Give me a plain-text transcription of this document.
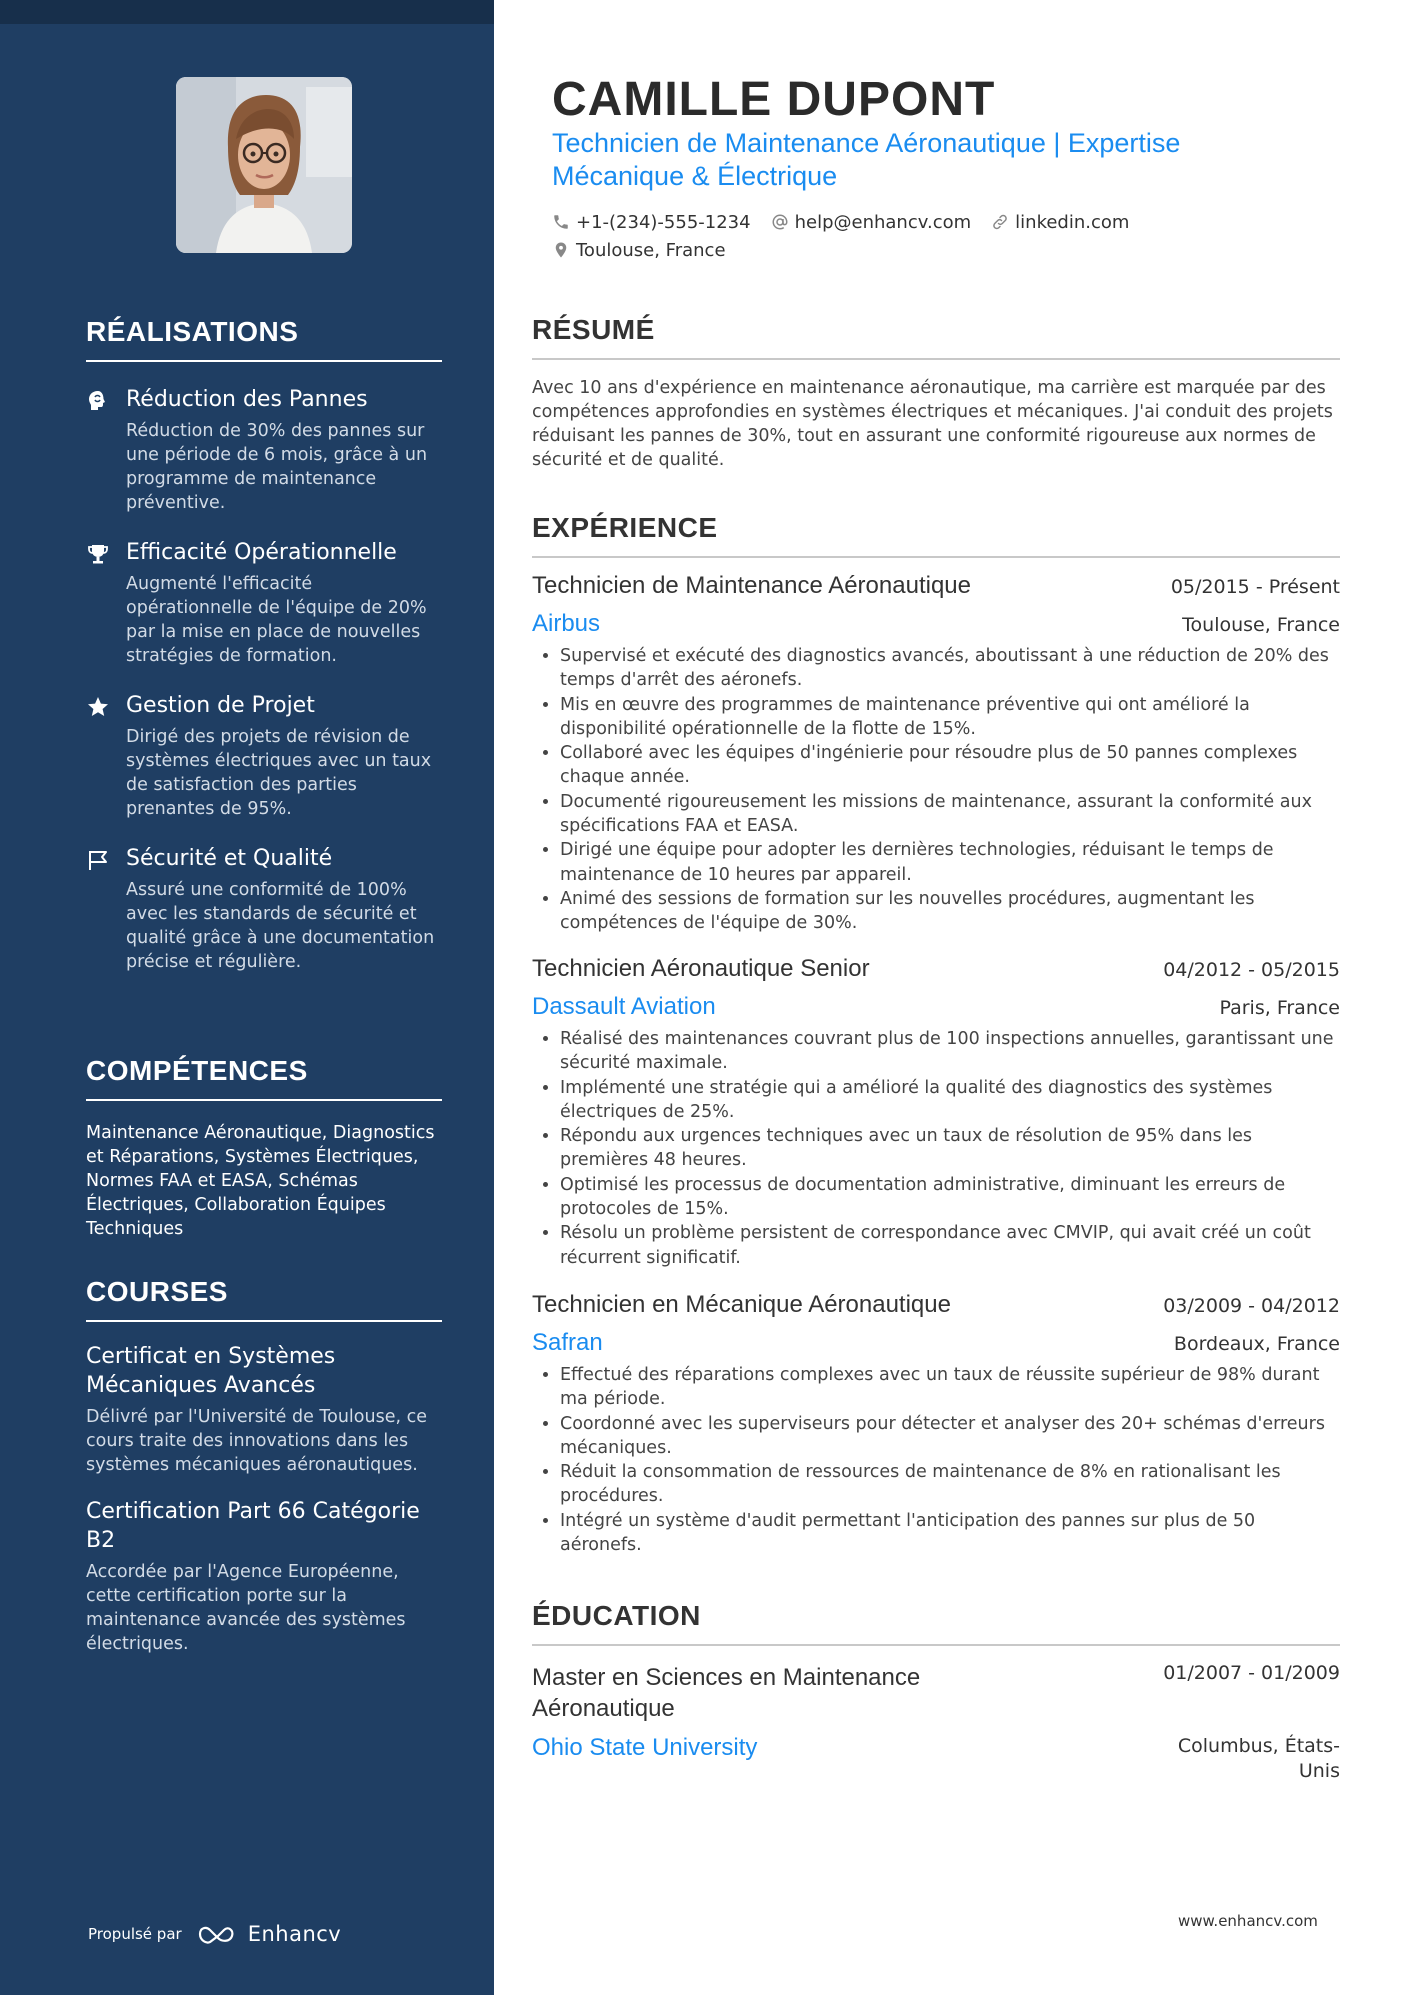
RÉALISATIONS
Réduction des Pannes
Réduction de 30% des pannes sur une période de 6 mois, grâce à un programme de maintenance préventive.
Efficacité Opérationnelle
Augmenté l'efficacité opérationnelle de l'équipe de 20% par la mise en place de nouvelles stratégies de formation.
Gestion de Projet
Dirigé des projets de révision de systèmes électriques avec un taux de satisfaction des parties prenantes de 95%.
Sécurité et Qualité
Assuré une conformité de 100% avec les standards de sécurité et qualité grâce à une documentation précise et régulière.
COMPÉTENCES
Maintenance Aéronautique, Diagnostics et Réparations, Systèmes Électriques, Normes FAA et EASA, Schémas Électriques, Collaboration Équipes Techniques
COURSES
Certificat en Systèmes Mécaniques Avancés
Délivré par l'Université de Toulouse, ce cours traite des innovations dans les systèmes mécaniques aéronautiques.
Certification Part 66 Catégorie B2
Accordée par l'Agence Européenne, cette certification porte sur la maintenance avancée des systèmes électriques.
Propulsé par	Enhancv
CAMILLE DUPONT
Technicien de Maintenance Aéronautique | Expertise Mécanique & Électrique
+1-(234)-555-1234 help@enhancv.com linkedin.com
Toulouse, France
RÉSUMÉ
Avec 10 ans d'expérience en maintenance aéronautique, ma carrière est marquée par des compétences approfondies en systèmes électriques et mécaniques. J'ai conduit des projets réduisant les pannes de 30%, tout en assurant une conformité rigoureuse aux normes de sécurité et de qualité.
EXPÉRIENCE
Technicien de Maintenance Aéronautique	05/2015 - Présent
Airbus	Toulouse, France
• Supervisé et exécuté des diagnostics avancés, aboutissant à une réduction de 20% des temps d'arrêt des aéronefs.
• Mis en œuvre des programmes de maintenance préventive qui ont amélioré la disponibilité opérationnelle de la flotte de 15%.
• Collaboré avec les équipes d'ingénierie pour résoudre plus de 50 pannes complexes chaque année.
• Documenté rigoureusement les missions de maintenance, assurant la conformité aux spécifications FAA et EASA.
• Dirigé une équipe pour adopter les dernières technologies, réduisant le temps de maintenance de 10 heures par appareil.
• Animé des sessions de formation sur les nouvelles procédures, augmentant les compétences de l'équipe de 30%.
Technicien Aéronautique Senior	04/2012 - 05/2015
Dassault Aviation	Paris, France
• Réalisé des maintenances couvrant plus de 100 inspections annuelles, garantissant une sécurité maximale.
• Implémenté une stratégie qui a amélioré la qualité des diagnostics des systèmes électriques de 25%.
• Répondu aux urgences techniques avec un taux de résolution de 95% dans les premières 48 heures.
• Optimisé les processus de documentation administrative, diminuant les erreurs de protocoles de 15%.
• Résolu un problème persistent de correspondance avec CMVIP, qui avait créé un coût récurrent significatif.
Technicien en Mécanique Aéronautique	03/2009 - 04/2012
Safran	Bordeaux, France
• Effectué des réparations complexes avec un taux de réussite supérieur de 98% durant ma période.
• Coordonné avec les superviseurs pour détecter et analyser des 20+ schémas d'erreurs mécaniques.
• Réduit la consommation de ressources de maintenance de 8% en rationalisant les procédures.
• Intégré un système d'audit permettant l'anticipation des pannes sur plus de 50 aéronefs.
ÉDUCATION
Master en Sciences en Maintenance Aéronautique
01/2007 - 01/2009
Ohio State University	Columbus, États-Unis
www.enhancv.com
